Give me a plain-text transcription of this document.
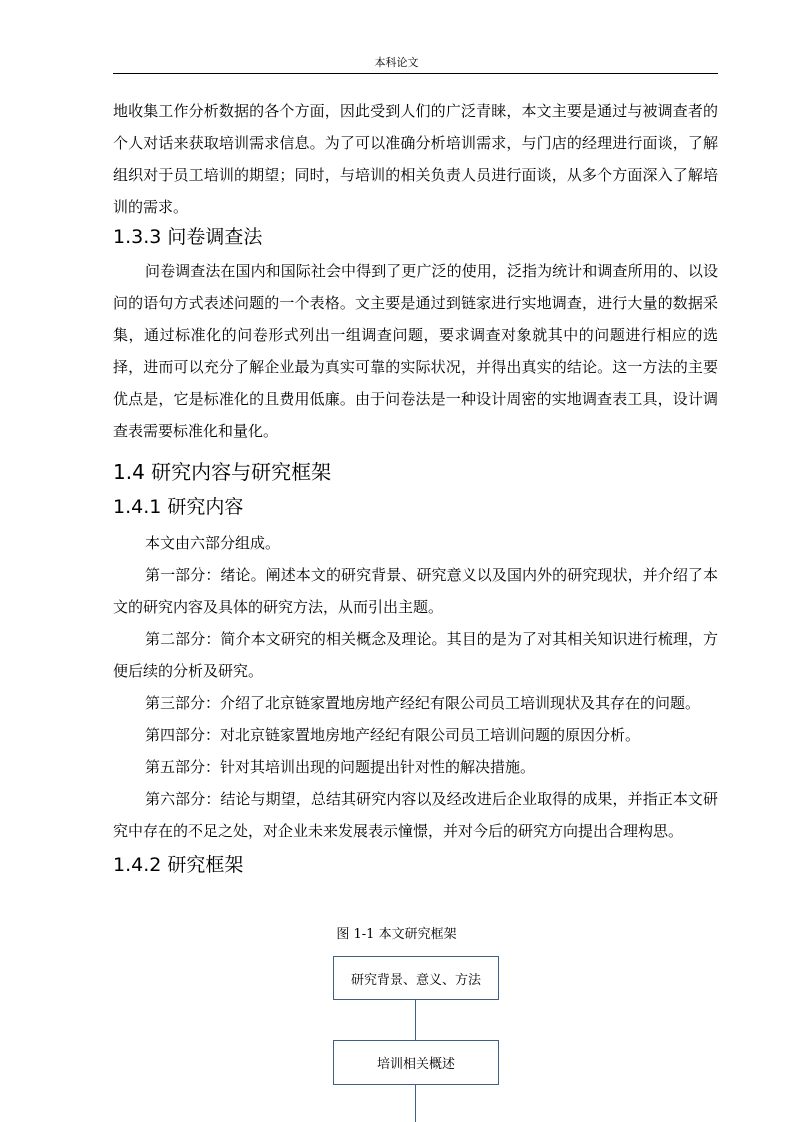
本科论文

地收集工作分析数据的各个方面，因此受到人们的广泛青睐，本文主要是通过与被调查者的个人对话来获取培训需求信息。为了可以准确分析培训需求，与门店的经理进行面谈，了解组织对于员工培训的期望；同时，与培训的相关负责人员进行面谈，从多个方面深入了解培训的需求。

1.3.3 问卷调查法

问卷调查法在国内和国际社会中得到了更广泛的使用，泛指为统计和调查所用的、以设问的语句方式表述问题的一个表格。文主要是通过到链家进行实地调查，进行大量的数据采集，通过标准化的问卷形式列出一组调查问题，要求调查对象就其中的问题进行相应的选择，进而可以充分了解企业最为真实可靠的实际状况，并得出真实的结论。这一方法的主要优点是，它是标准化的且费用低廉。由于问卷法是一种设计周密的实地调查表工具，设计调查表需要标准化和量化。

1.4 研究内容与研究框架
1.4.1 研究内容

本文由六部分组成。

第一部分：绪论。阐述本文的研究背景、研究意义以及国内外的研究现状，并介绍了本文的研究内容及具体的研究方法，从而引出主题。

第二部分：简介本文研究的相关概念及理论。其目的是为了对其相关知识进行梳理，方便后续的分析及研究。

第三部分：介绍了北京链家置地房地产经纪有限公司员工培训现状及其存在的问题。

第四部分：对北京链家置地房地产经纪有限公司员工培训问题的原因分析。

第五部分：针对其培训出现的问题提出针对性的解决措施。

第六部分：结论与期望，总结其研究内容以及经改进后企业取得的成果，并指正本文研究中存在的不足之处，对企业未来发展表示憧憬，并对今后的研究方向提出合理构思。

1.4.2 研究框架
图 1-1 本文研究框架
研究背景、意义、方法
培训相关概述
